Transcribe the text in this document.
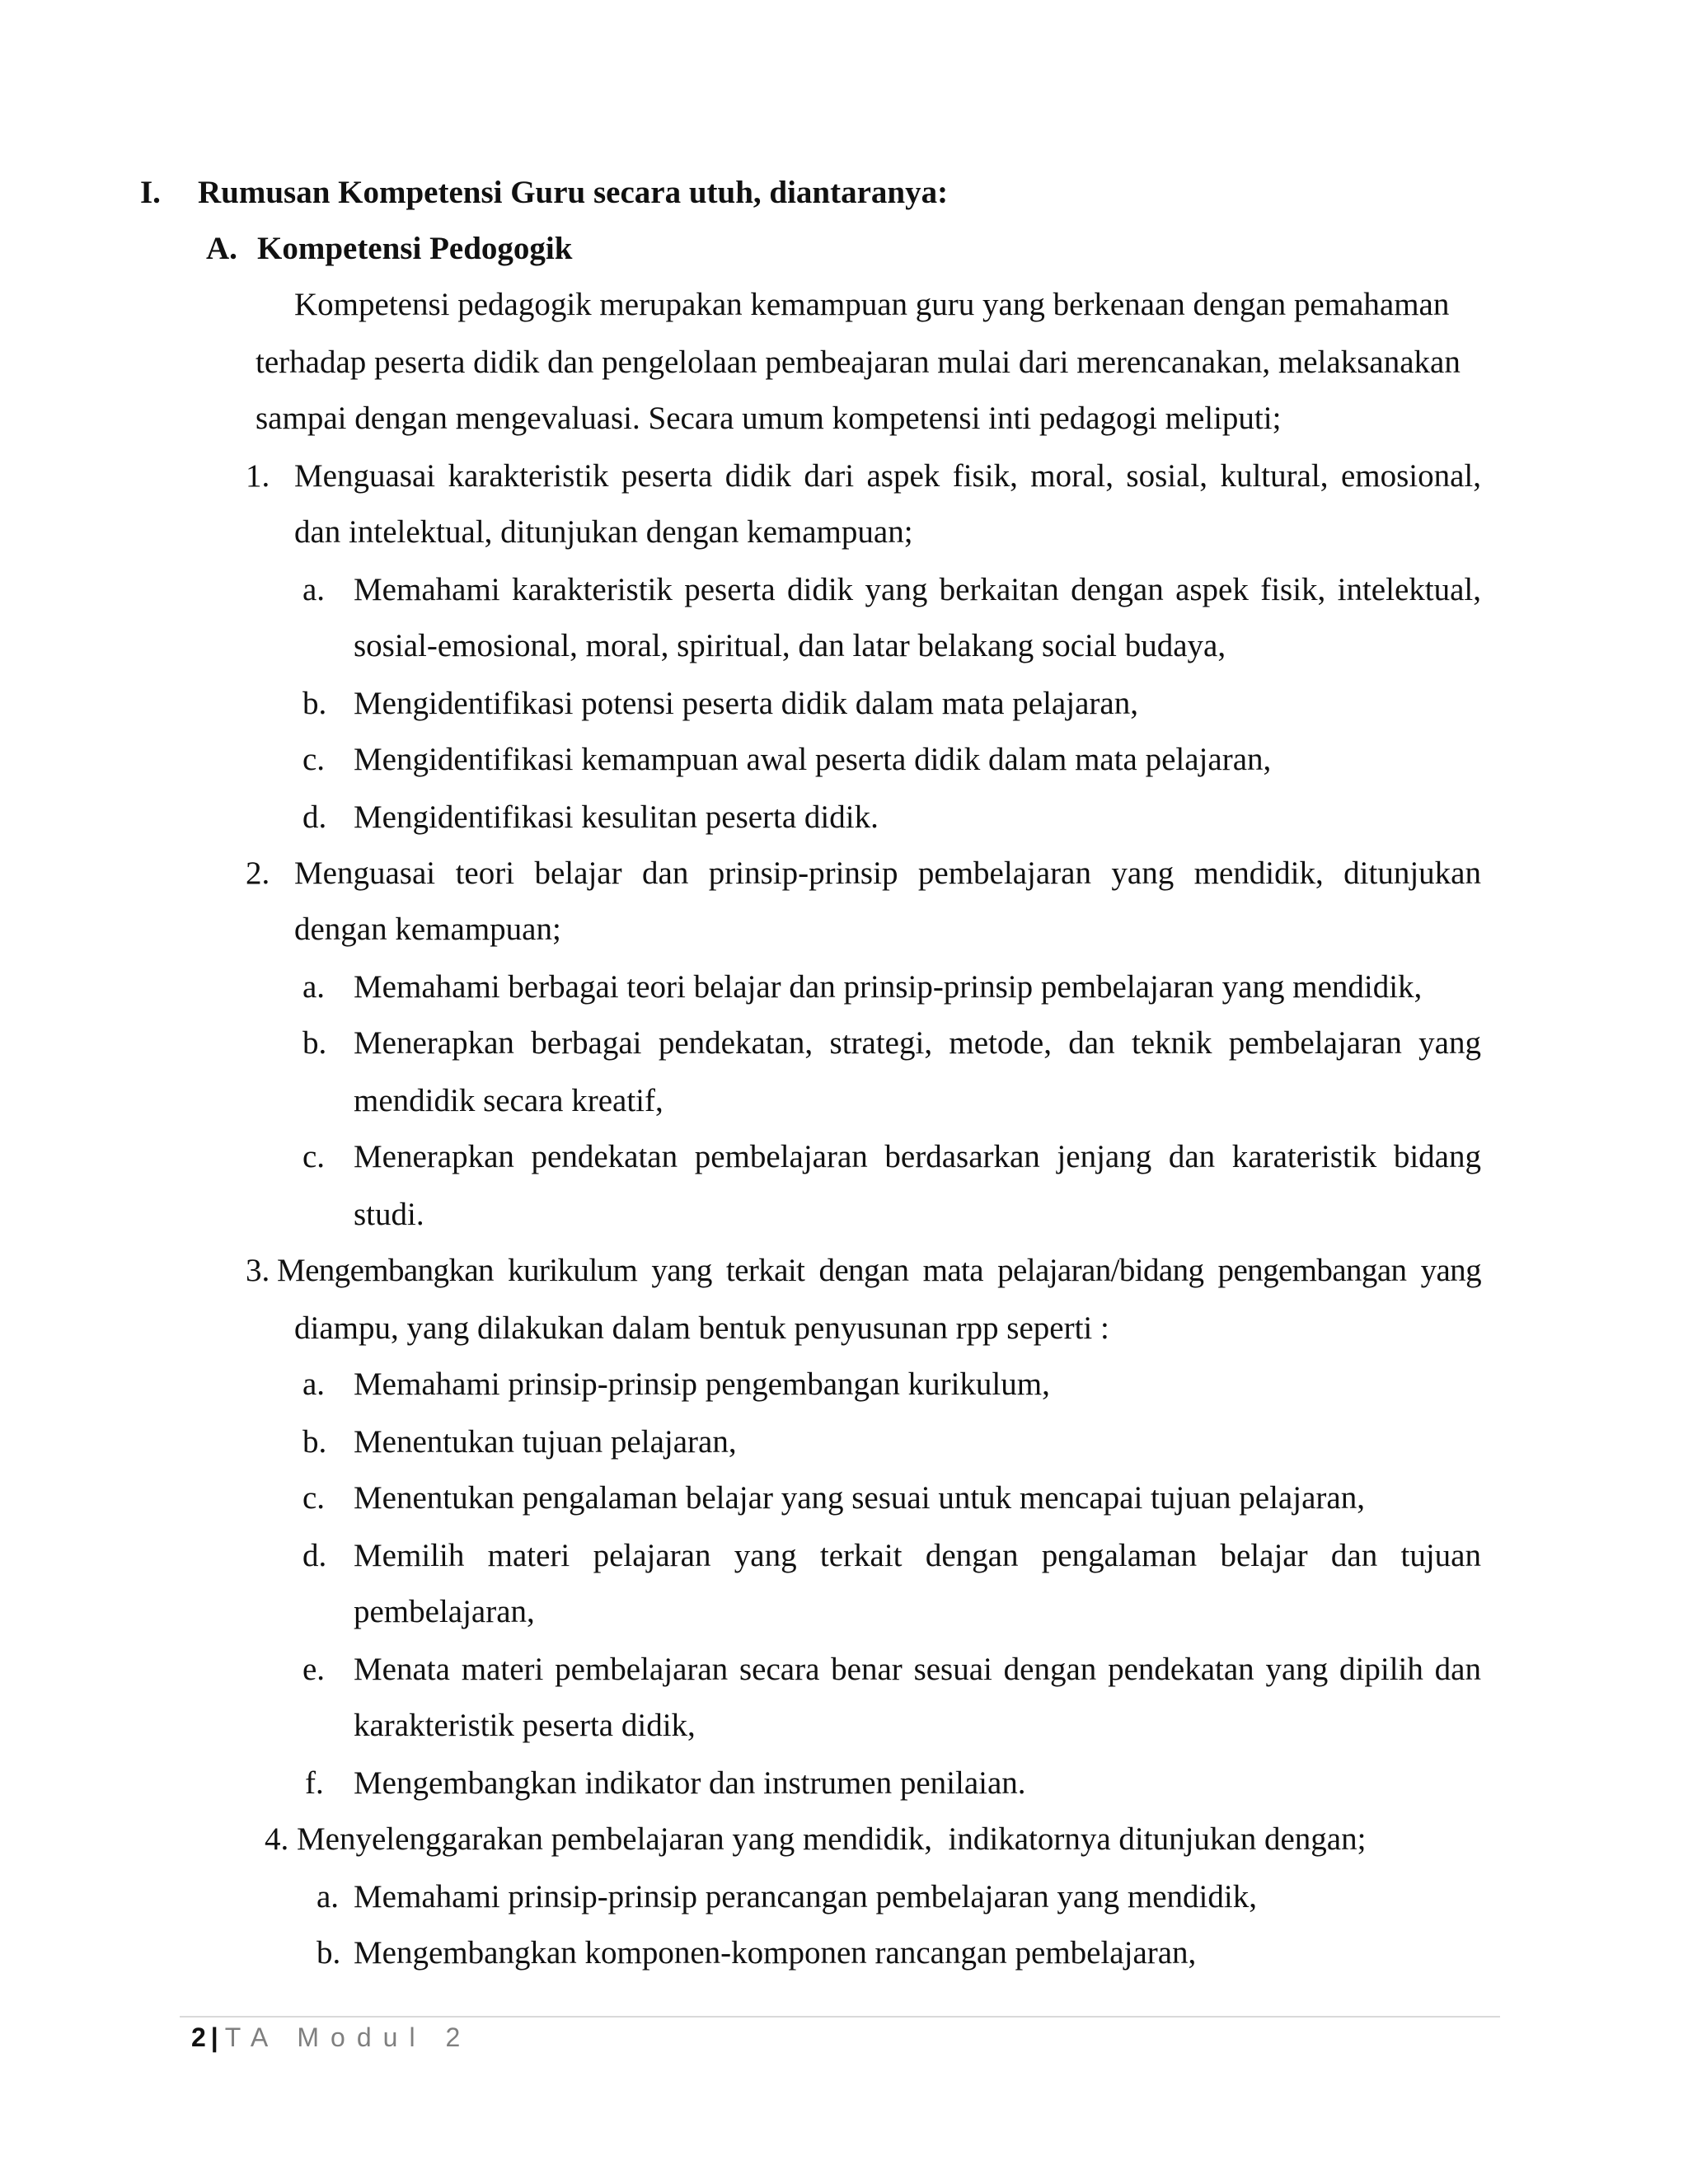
I. Rumusan Kompetensi Guru secara utuh, diantaranya:
A. Kompetensi Pedogogik
Kompetensi pedagogik merupakan kemampuan guru yang berkenaan dengan pemahaman
terhadap peserta didik dan pengelolaan pembeajaran mulai dari merencanakan, melaksanakan
sampai dengan mengevaluasi. Secara umum kompetensi inti pedagogi meliputi;
1. Menguasai karakteristik peserta didik dari aspek fisik, moral, sosial, kultural, emosional,
dan intelektual, ditunjukan dengan kemampuan;
a. Memahami karakteristik peserta didik yang berkaitan dengan aspek fisik, intelektual,
sosial-emosional, moral, spiritual, dan latar belakang social budaya,
b. Mengidentifikasi potensi peserta didik dalam mata pelajaran,
c. Mengidentifikasi kemampuan awal peserta didik dalam mata pelajaran,
d. Mengidentifikasi kesulitan peserta didik.
2. Menguasai teori belajar dan prinsip-prinsip pembelajaran yang mendidik, ditunjukan
dengan kemampuan;
a. Memahami berbagai teori belajar dan prinsip-prinsip pembelajaran yang mendidik,
b. Menerapkan berbagai pendekatan, strategi, metode, dan teknik pembelajaran yang
mendidik secara kreatif,
c. Menerapkan pendekatan pembelajaran berdasarkan jenjang dan karateristik bidang
studi.
3. Mengembangkan kurikulum yang terkait dengan mata pelajaran/bidang pengembangan yang
diampu, yang dilakukan dalam bentuk penyusunan rpp seperti :
a. Memahami prinsip-prinsip pengembangan kurikulum,
b. Menentukan tujuan pelajaran,
c. Menentukan pengalaman belajar yang sesuai untuk mencapai tujuan pelajaran,
d. Memilih materi pelajaran yang terkait dengan pengalaman belajar dan tujuan
pembelajaran,
e. Menata materi pembelajaran secara benar sesuai dengan pendekatan yang dipilih dan
karakteristik peserta didik,
f. Mengembangkan indikator dan instrumen penilaian.
4. Menyelenggarakan pembelajaran yang mendidik,  indikatornya ditunjukan dengan;
a. Memahami prinsip-prinsip perancangan pembelajaran yang mendidik,
b. Mengembangkan komponen-komponen rancangan pembelajaran,
2 | TA Modul 2
